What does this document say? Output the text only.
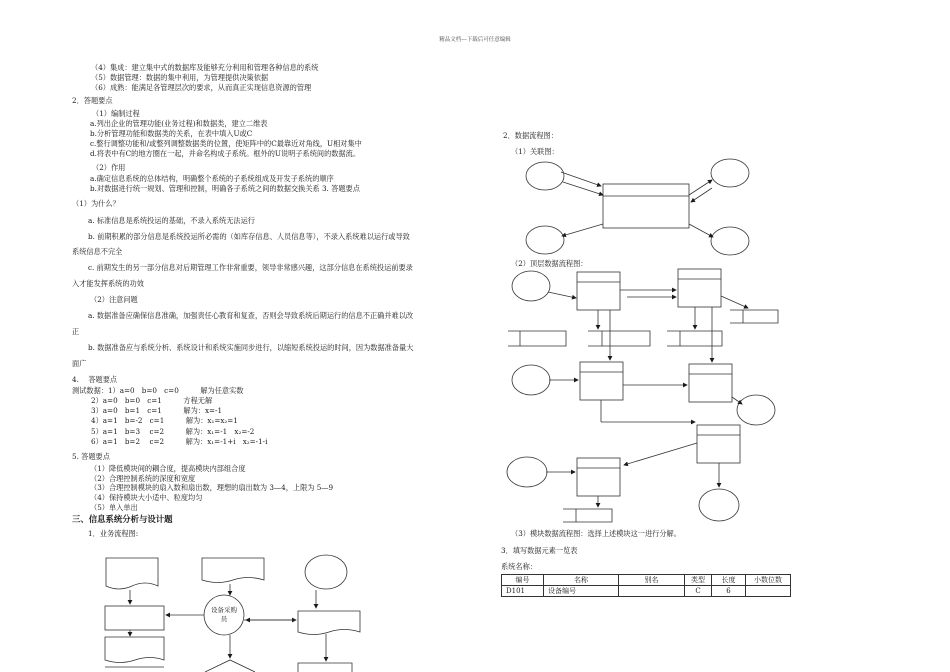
精品文档---下载后可任意编辑
（4）集成：建立集中式的数据库及能够充分利用和管理各种信息的系统
（5）数据管理：数据的集中利用，为管理提供决策依据
（6）成熟：能满足各管理层次的要求，从而真正实现信息资源的管理
2．答题要点
（1）编制过程
a.列出企业的管理功能(业务过程)和数据类，建立二维表
b.分析管理功能和数据类的关系，在表中填入U或C
c.整行调整功能和/或整列调整数据类的位置，使矩阵中的C最靠近对角线，U相对集中
d.将表中有C的地方圈在一起，并命名构成子系统。框外的U说明子系统间的数据流。
（2）作用
a.确定信息系统的总体结构，明确整个系统的子系统组成及开发子系统的顺序
b.对数据进行统一规划、管理和控制，明确各子系统之间的数据交换关系 3. 答题要点
（1）为什么？
a. 标准信息是系统投运的基础，不录入系统无法运行
b. 前期积累的部分信息是系统投运所必需的（如库存信息、人员信息等），不录入系统难以运行或导致
系统信息不完全
c. 前期发生的另一部分信息对后期管理工作非常重要，领导非常感兴趣，这部分信息在系统投运前要录
入才能发挥系统的功效
（2）注意问题
a. 数据准备应确保信息准确，加强责任心教育和复查，否则会导致系统后期运行的信息不正确并难以改
正
b. 数据准备应与系统分析、系统设计和系统实施同步进行，以缩短系统投运的时间，因为数据准备量大
面广
4.　 答题要点
测试数据：1）a=0　b=0　c=0　　　解为任意实数
2）a=0　b=0　c=1　　　方程无解
3）a=0　b=1　c=1　　　解为：x=-1
4）a=1　b=-2　c=1　　　解为：x₁=x₂=1
5）a=1　b=3　 c=2　　　解为：x₁=-1　x₂=-2
6）a=1　b=2　 c=2　　　解为：x₁=-1+i　x₂=-1-i
5. 答题要点
（1）降低模块间的耦合度，提高模块内部组合度
（2）合理控制系统的深度和宽度
（3）合理控制模块的扇入数和扇出数，理想的扇出数为 3—4，上限为 5—9
（4）保持模块大小适中、粒度均匀
（5）单入单出
三、信息系统分析与设计题
1．业务流程图:
2．数据流程图：
（1）关联图：
（2）顶层数据流程图：
（3）模块数据流程图：选择上述模块这一进行分解。
3．填写数据元素一览表
系统名称：
编号	名称	别名	类型	长度	小数位数
D101	设备编号		C	6	
设备采购员
